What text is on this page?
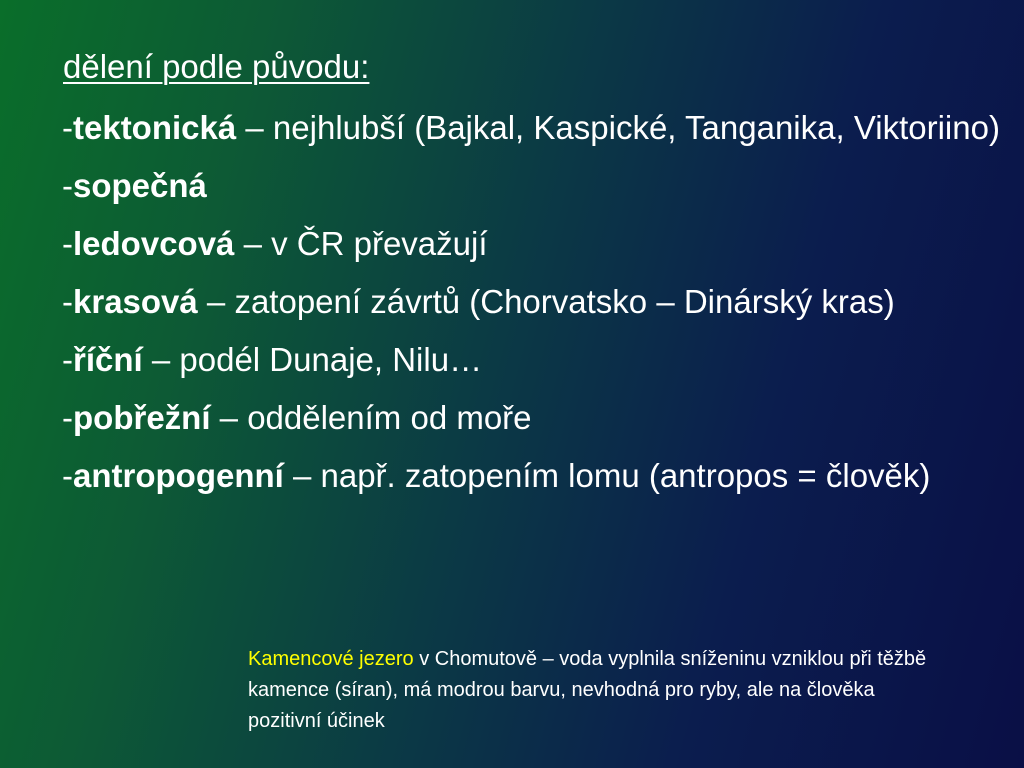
dělení podle původu:
-tektonická – nejhlubší (Bajkal, Kaspické, Tanganika, Viktoriino)
-sopečná
-ledovcová – v ČR převažují
-krasová – zatopení závrtů (Chorvatsko – Dinárský kras)
-říční – podél Dunaje, Nilu…
-pobřežní – oddělením od moře
-antropogenní – např. zatopením lomu (antropos = člověk)
Kamencové jezero v Chomutově – voda vyplnila sníženinu vzniklou při těžbě kamence (síran), má modrou barvu, nevhodná pro ryby, ale na člověka pozitivní účinek
